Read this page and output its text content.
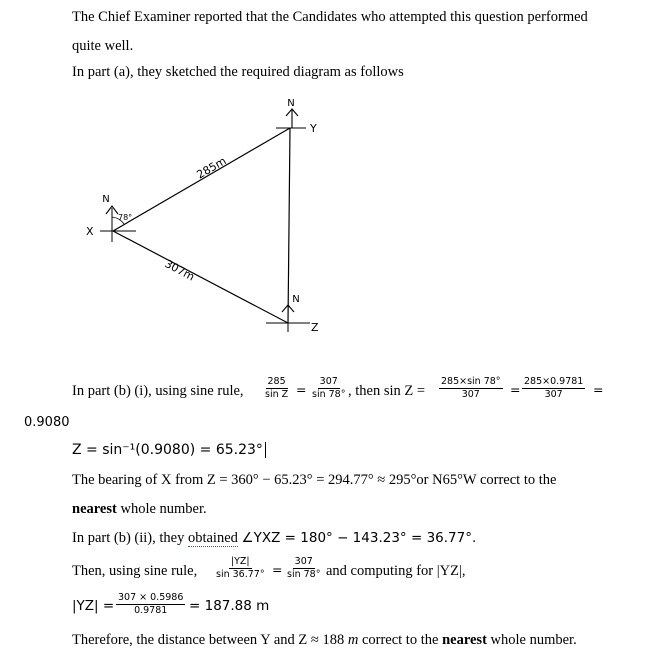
The Chief Examiner reported that the Candidates who attempted this question performed
quite well.
In part (a), they sketched the required diagram as follows
N
Y
N
X
78°
N
Z
285m
307m
In part (b) (i), using sine rule, $\frac{285}{\text{sin Z}} = \frac{307}{\sin 78^\circ}$ , then $\sin Z = \frac{285\times\sin 78^\circ}{307} = \frac{285\times 0.9781}{307}$ =
0.9080
Z = sin⁻¹(0.9080) = 65.23°
The bearing of X from Z = 360° − 65.23° = 294.77° ≈ 295°or N65°W correct to the
nearest whole number.
In part (b) (ii), they obtained ∠YXZ = 180° − 143.23° = 36.77°.
Then, using sine rule, $\frac{|YZ|}{\sin 36.77^\circ} = \frac{307}{\sin 78^\circ}$ and computing for |YZ|,
$|YZ| = \frac{307 \times 0.5986}{0.9781} = 187.88$ m
Therefore, the distance between Y and Z ≈ 188 m correct to the nearest whole number.
